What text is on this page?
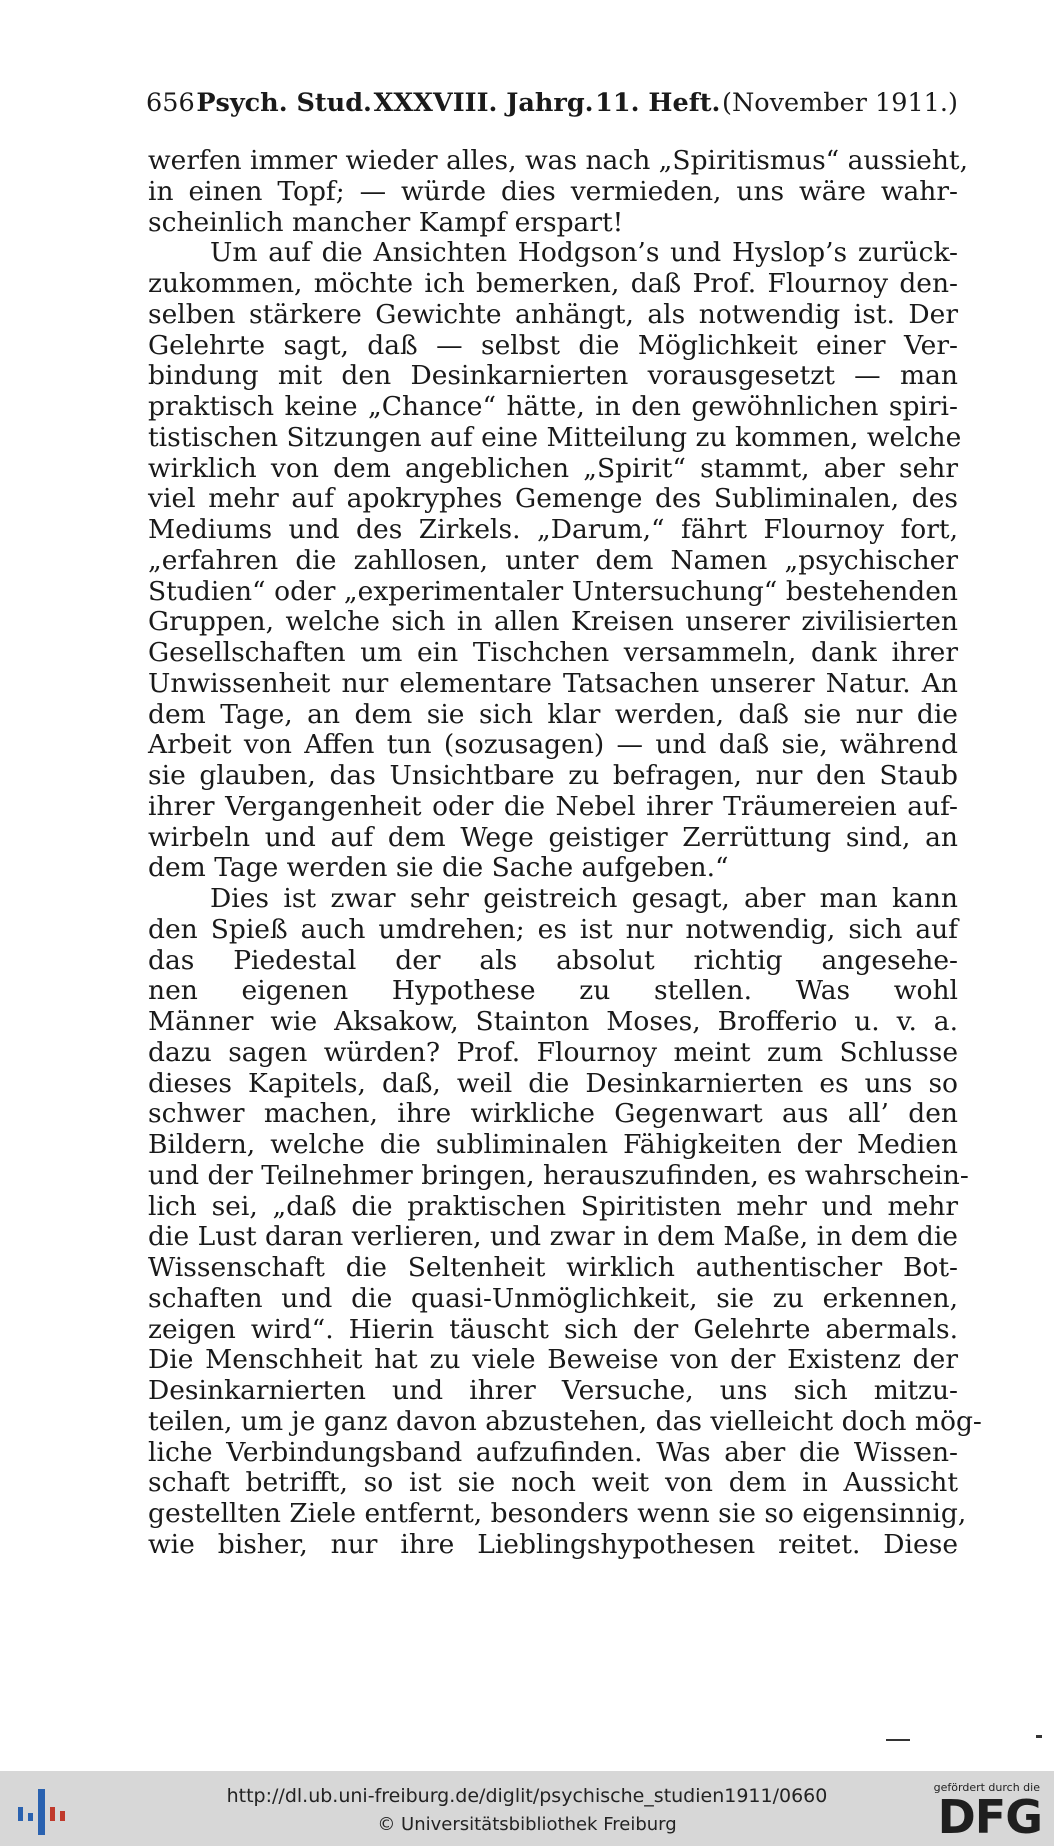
656 Psych. Stud. XXXVIII. Jahrg. 11. Heft. (November 1911.)
werfen immer wieder alles, was nach „Spiritismus“ aussieht,
in einen Topf; — würde dies vermieden, uns wäre wahr-
scheinlich mancher Kampf erspart!
Um auf die Ansichten Hodgson’s und Hyslop’s zurück-
zukommen, möchte ich bemerken, daß Prof. Flournoy den-
selben stärkere Gewichte anhängt, als notwendig ist. Der
Gelehrte sagt, daß — selbst die Möglichkeit einer Ver-
bindung mit den Desinkarnierten vorausgesetzt — man
praktisch keine „Chance“ hätte, in den gewöhnlichen spiri-
tistischen Sitzungen auf eine Mitteilung zu kommen, welche
wirklich von dem angeblichen „Spirit“ stammt, aber sehr
viel mehr auf apokryphes Gemenge des Subliminalen, des
Mediums und des Zirkels. „Darum,“ fährt Flournoy fort,
„erfahren die zahllosen, unter dem Namen „psychischer
Studien“ oder „experimentaler Untersuchung“ bestehenden
Gruppen, welche sich in allen Kreisen unserer zivilisierten
Gesellschaften um ein Tischchen versammeln, dank ihrer
Unwissenheit nur elementare Tatsachen unserer Natur. An
dem Tage, an dem sie sich klar werden, daß sie nur die
Arbeit von Affen tun (sozusagen) — und daß sie, während
sie glauben, das Unsichtbare zu befragen, nur den Staub
ihrer Vergangenheit oder die Nebel ihrer Träumereien auf-
wirbeln und auf dem Wege geistiger Zerrüttung sind, an
dem Tage werden sie die Sache aufgeben.“
Dies ist zwar sehr geistreich gesagt, aber man kann
den Spieß auch umdrehen; es ist nur notwendig, sich auf
das Piedestal der als absolut richtig angesehe-
nen eigenen Hypothese zu stellen. Was wohl
Männer wie Aksakow, Stainton Moses, Brofferio u. v. a.
dazu sagen würden? Prof. Flournoy meint zum Schlusse
dieses Kapitels, daß, weil die Desinkarnierten es uns so
schwer machen, ihre wirkliche Gegenwart aus all’ den
Bildern, welche die subliminalen Fähigkeiten der Medien
und der Teilnehmer bringen, herauszufinden, es wahrschein-
lich sei, „daß die praktischen Spiritisten mehr und mehr
die Lust daran verlieren, und zwar in dem Maße, in dem die
Wissenschaft die Seltenheit wirklich authentischer Bot-
schaften und die quasi-Unmöglichkeit, sie zu erkennen,
zeigen wird“. Hierin täuscht sich der Gelehrte abermals.
Die Menschheit hat zu viele Beweise von der Existenz der
Desinkarnierten und ihrer Versuche, uns sich mitzu-
teilen, um je ganz davon abzustehen, das vielleicht doch mög-
liche Verbindungsband aufzufinden. Was aber die Wissen-
schaft betrifft, so ist sie noch weit von dem in Aussicht
gestellten Ziele entfernt, besonders wenn sie so eigensinnig,
wie bisher, nur ihre Lieblingshypothesen reitet. Diese
http://dl.ub.uni-freiburg.de/diglit/psychische_studien1911/0660
© Universitätsbibliothek Freiburg
gefördert durch die
DFG
